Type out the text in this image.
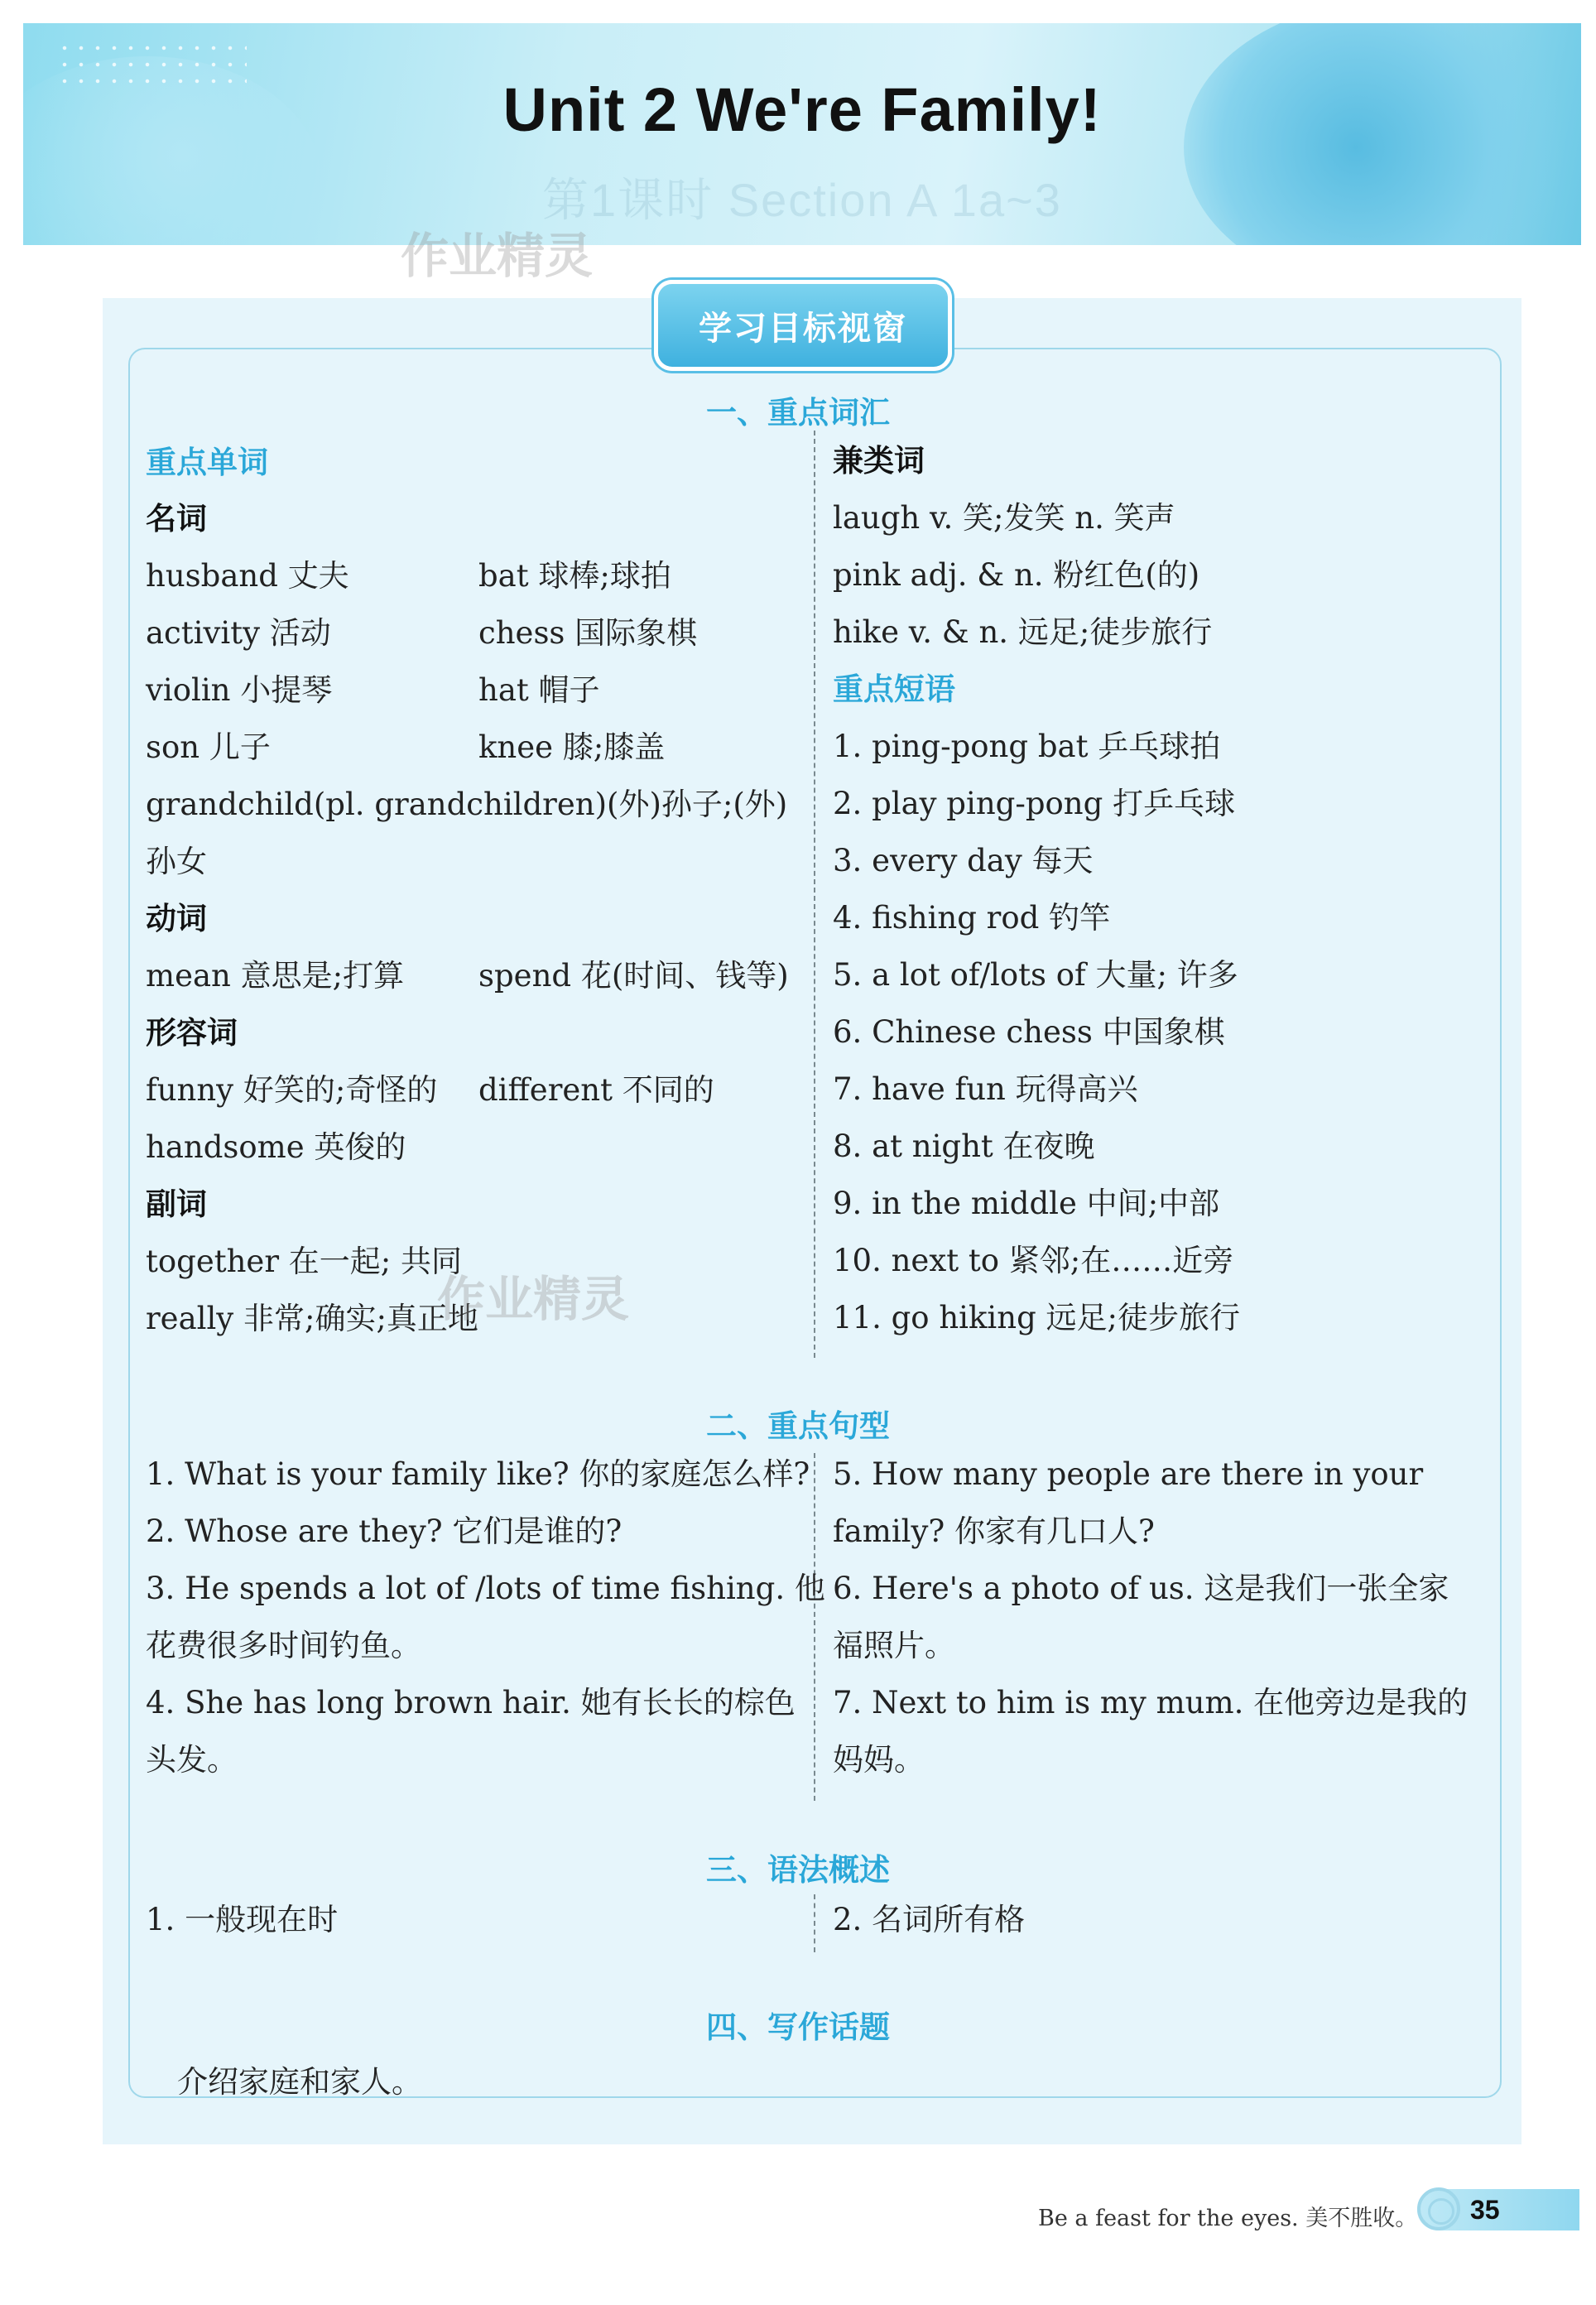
第1课时 Section A 1a~3
Unit 2 We're Family!
作业精灵
学习目标视窗
一、重点词汇
重点单词
名词
husband 丈夫	bat 球棒;球拍
activity 活动	chess 国际象棋
violin 小提琴	hat 帽子
son 儿子	knee 膝;膝盖
grandchild(pl. grandchildren)(外)孙子;(外)
孙女
动词
mean 意思是;打算 spend 花(时间、钱等)
形容词
funny 好笑的;奇怪的 different 不同的
handsome 英俊的
副词
together 在一起; 共同
really 非常;确实;真正地
兼类词
laugh v. 笑;发笑 n. 笑声
pink adj. & n. 粉红色(的)
hike v. & n. 远足;徒步旅行
重点短语
1. ping-pong bat 乒乓球拍
2. play ping-pong 打乒乓球
3. every day 每天
4. fishing rod 钓竿
5. a lot of/lots of 大量; 许多
6. Chinese chess 中国象棋
7. have fun 玩得高兴
8. at night 在夜晚
9. in the middle 中间;中部
10. next to 紧邻;在……近旁
11. go hiking 远足;徒步旅行
作业精灵
二、重点句型
1. What is your family like? 你的家庭怎么样?
2. Whose are they? 它们是谁的?
3. He spends a lot of /lots of time fishing. 他
花费很多时间钓鱼。
4. She has long brown hair. 她有长长的棕色
头发。
5. How many people are there in your
family? 你家有几口人?
6. Here's a photo of us. 这是我们一张全家
福照片。
7. Next to him is my mum. 在他旁边是我的
妈妈。
三、语法概述
1. 一般现在时	2. 名词所有格
四、写作话题
介绍家庭和家人。
Be a feast for the eyes. 美不胜收。	35
